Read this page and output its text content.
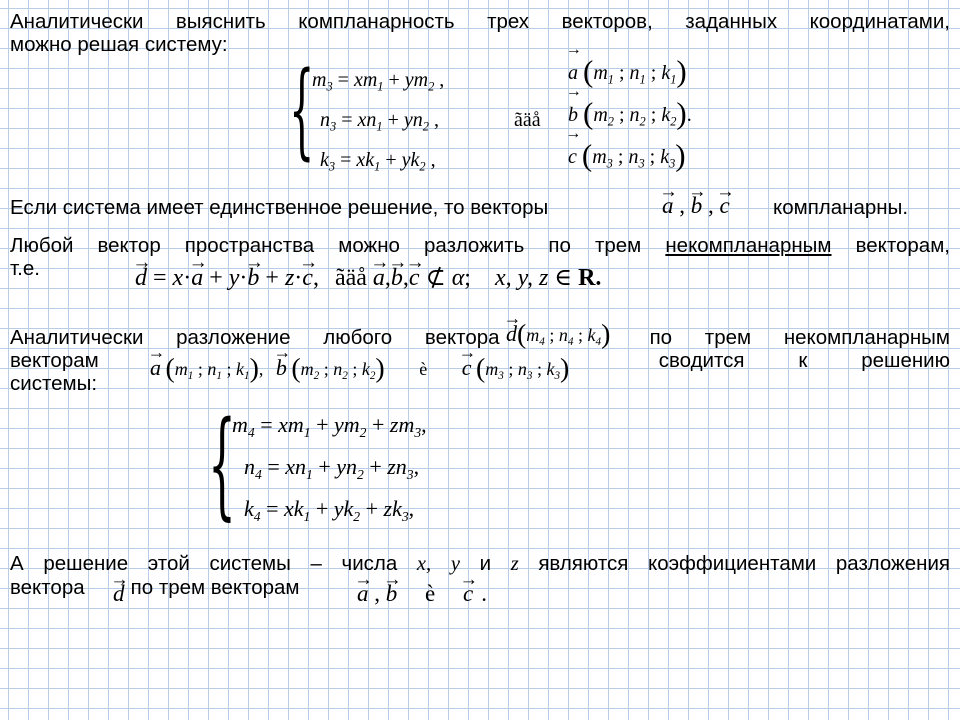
Аналитически выяснить компланарность трех векторов, заданных координатами,
можно решая систему:
{
$m_3 = xm_1 + ym_2$ ,
$n_3 = xn_1 + yn_2$ ,
$k_3 = xk_1 + yk_2$ ,
ãäå
→ a ($m_1$ ; $n_1$ ; $k_1$)
→ b ($m_2$ ; $n_2$ ; $k_2$).
→ c ($m_3$ ; $n_3$ ; $k_3$)
Если система имеет единственное решение, то векторы	→ a , → b , → c компланарны.
Любой вектор пространства можно разложить по трем некомпланарным векторам,
т.е.	→ d = x·→ a + y·→ b + z·→ c, ãäå → a,→ b,→ c ⊄ α; x, y, z ∈ R.
Аналитически разложение любого вектора	по трем некомпланарным
векторам	сводится к решению
системы:
→ $d(m_4$ ; $n_4$ ; $k_4$)
→ a ($m_1$ ; $n_1$ ; $k_1$), → b ($m_2$ ; $n_2$ ; $k_2$) è → c ($m_3$ ; $n_3$ ; $k_3$)
{
$m_4 = xm_1 + ym_2 + zm_3$,
$n_4 = xn_1 + yn_2 + zn_3$,
$k_4 = xk_1 + yk_2 + zk_3$,
А решение этой системы – числа x, y и z являются коэффициентами разложения
вектора по трем векторам
→ d	→ a , → b è → c .
